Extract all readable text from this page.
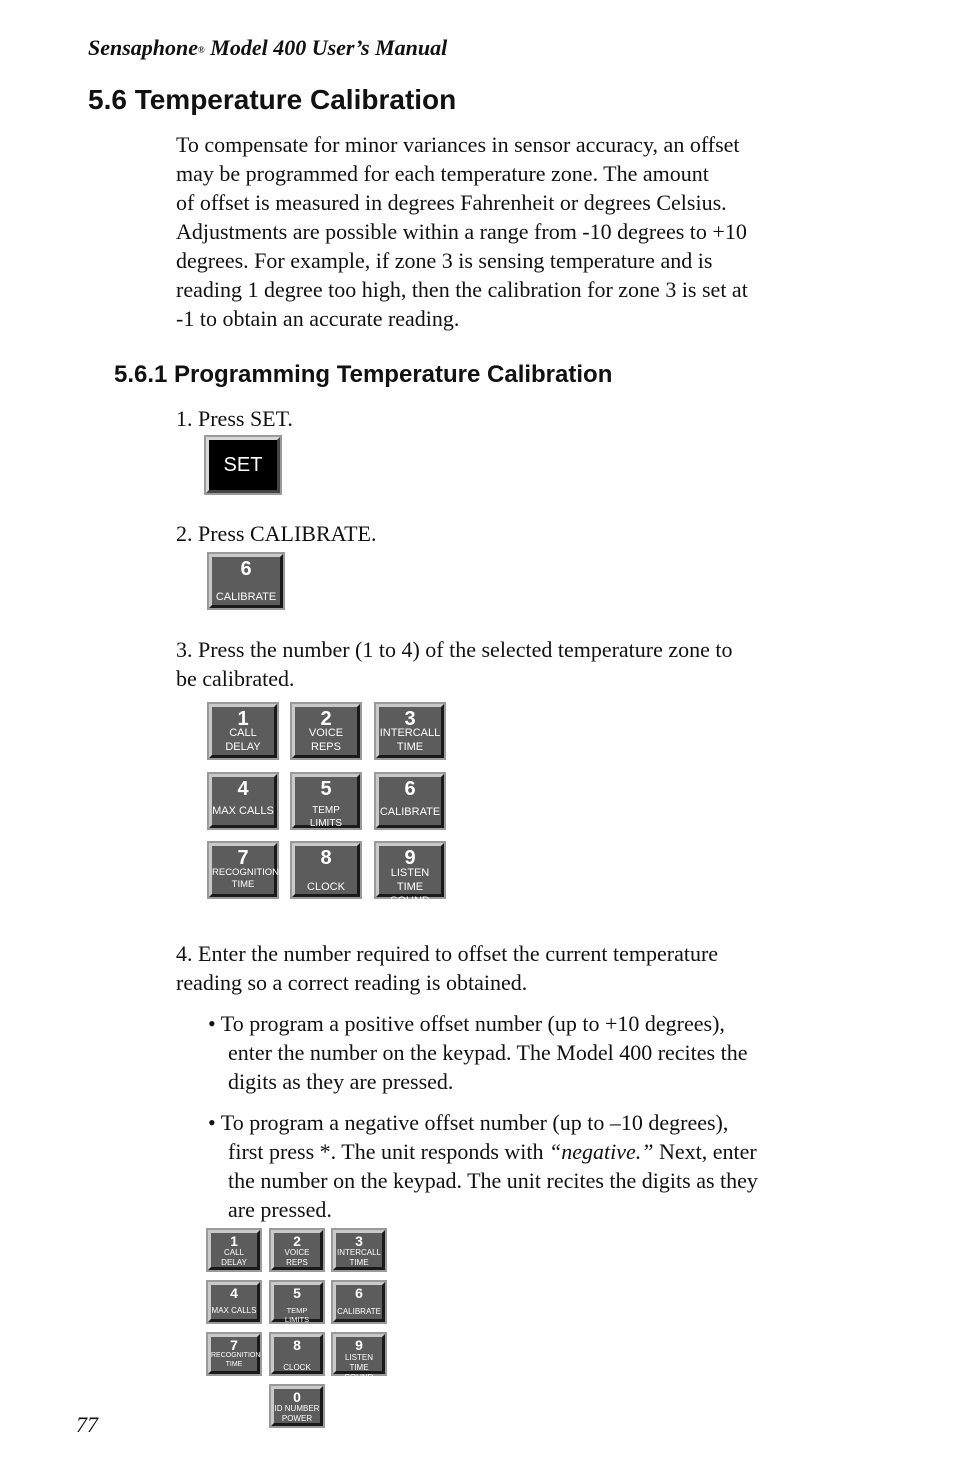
Sensaphone® Model 400 User’s Manual
5.6 Temperature Calibration
To compensate for minor variances in sensor accuracy, an offset
may be programmed for each temperature zone. The amount
of offset is measured in degrees Fahrenheit or degrees Celsius.
Adjustments are possible within a range from -10 degrees to +10
degrees. For example, if zone 3 is sensing temperature and is
reading 1 degree too high, then the calibration for zone 3 is set at
-1 to obtain an accurate reading.
5.6.1 Programming Temperature Calibration
1. Press SET.
SET
2. Press CALIBRATE.
6
CALIBRATE
3. Press the number (1 to 4) of the selected temperature zone to
be calibrated.
1
CALL
DELAY
2
VOICE
REPS
3
INTERCALL
TIME
4
MAX CALLS
5
TEMP LIMITS
6
CALIBRATE
7
RECOGNITION
TIME
8
CLOCK
9
LISTEN TIME
SOUND
4. Enter the number required to offset the current temperature
reading so a correct reading is obtained.
• To program a positive offset number (up to +10 degrees),
enter the number on the keypad. The Model 400 recites the
digits as they are pressed.
• To program a negative offset number (up to –10 degrees),
first press *. The unit responds with “negative.” Next, enter
the number on the keypad. The unit recites the digits as they
are pressed.
1
CALL
DELAY
2
VOICE
REPS
3
INTERCALL
TIME
4
MAX CALLS
5
TEMP LIMITS
6
CALIBRATE
7
RECOGNITION
TIME
8
CLOCK
9
LISTEN TIME
SOUND
0
ID NUMBER
POWER
77
